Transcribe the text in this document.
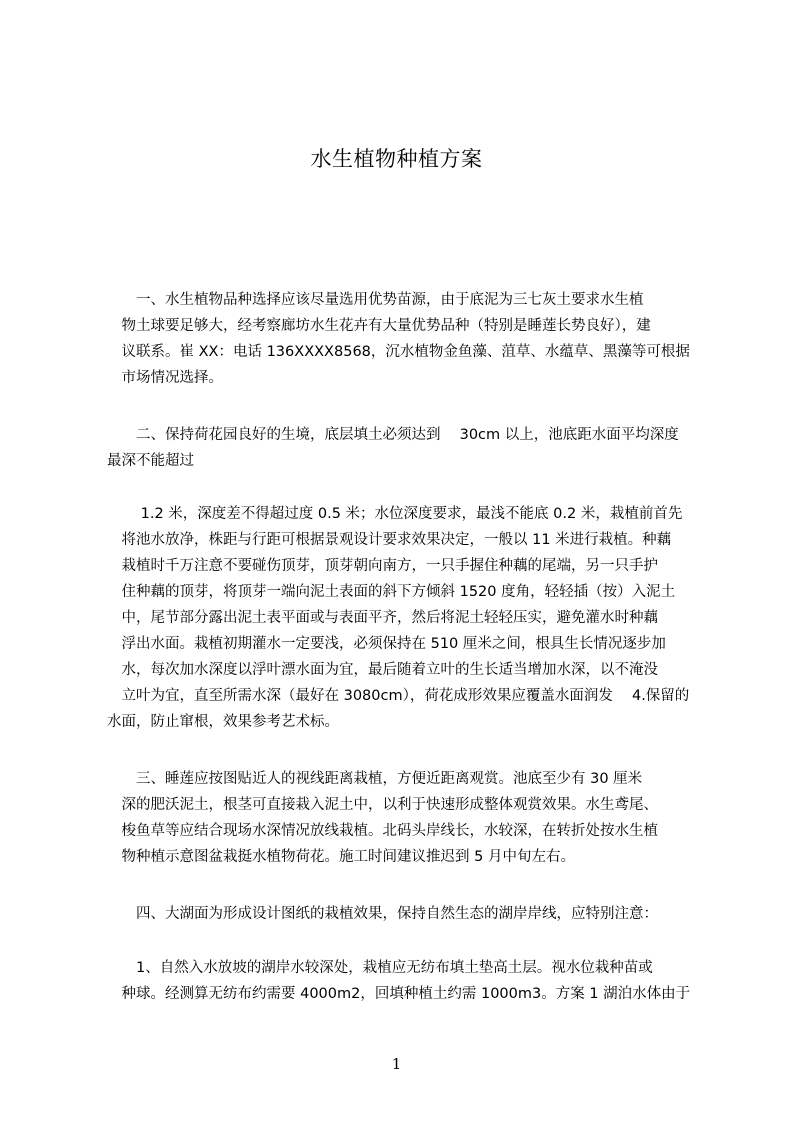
水生植物种植方案
　　一、水生植物品种选择应该尽量选用优势苗源，由于底泥为三七灰土要求水生植
　物土球要足够大，经考察廊坊水生花卉有大量优势品种（特别是睡莲长势良好），建
　议联系。崔 XX：电话 136XXXX8568，沉水植物金鱼藻、菹草、水蕴草、黑藻等可根据
　市场情况选择。
　　二、保持荷花园良好的生境，底层填土必须达到　 30cm 以上，池底距水面平均深度
最深不能超过
　　 1.2 米，深度差不得超过度 0.5 米；水位深度要求，最浅不能底 0.2 米，栽植前首先
　将池水放净，株距与行距可根据景观设计要求效果决定，一般以 11 米进行栽植。种藕
　栽植时千万注意不要碰伤顶芽，顶芽朝向南方，一只手握住种藕的尾端，另一只手护
　住种藕的顶芽，将顶芽一端向泥土表面的斜下方倾斜 1520 度角，轻轻插（按）入泥土
　中，尾节部分露出泥土表平面或与表面平齐，然后将泥土轻轻压实，避免灌水时种藕
　浮出水面。栽植初期灌水一定要浅，必须保持在 510 厘米之间，根具生长情况逐步加
　水，每次加水深度以浮叶漂水面为宜，最后随着立叶的生长适当增加水深，以不淹没
　立叶为宜，直至所需水深（最好在 3080cm），荷花成形效果应覆盖水面润发　 4.保留的
水面，防止窜根，效果参考艺术标。
　　三、睡莲应按图贴近人的视线距离栽植，方便近距离观赏。池底至少有 30 厘米
　深的肥沃泥土，根茎可直接栽入泥土中，以利于快速形成整体观赏效果。水生鸢尾、
　梭鱼草等应结合现场水深情况放线栽植。北码头岸线长，水较深，在转折处按水生植
　物种植示意图盆栽挺水植物荷花。施工时间建议推迟到 5 月中旬左右。
　　四、大湖面为形成设计图纸的栽植效果，保持自然生态的湖岸岸线，应特别注意：
　　1、自然入水放坡的湖岸水较深处，栽植应无纺布填土垫高土层。视水位栽种苗或
　种球。经测算无纺布约需要 4000m2，回填种植土约需 1000m3。方案 1 湖泊水体由于
1
